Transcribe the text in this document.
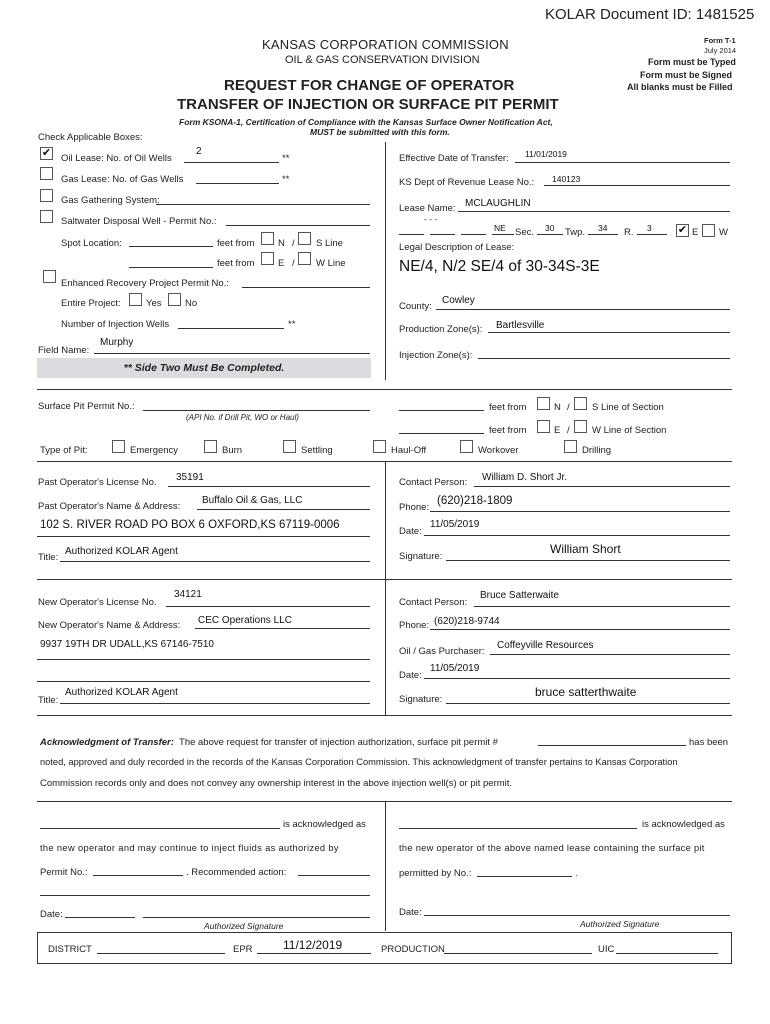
KOLAR Document ID: 1481525
KANSAS CORPORATION COMMISSION
OIL & GAS CONSERVATION DIVISION
REQUEST FOR CHANGE OF OPERATOR
TRANSFER OF INJECTION OR SURFACE PIT PERMIT
Form T-1
July 2014
Form must be Typed
Form must be Signed
All blanks must be Filled
Form KSONA-1, Certification of Compliance with the Kansas Surface Owner Notification Act,
MUST be submitted with this form.
Check Applicable Boxes:
✔ Oil Lease: No. of Oil Wells
2
**
Gas Lease: No. of Gas Wells	**
Gas Gathering System:
Saltwater Disposal Well - Permit No.:
Spot Location:	feet from N / S Line
feet from E / W Line
Enhanced Recovery Project Permit No.:
Entire Project:	Yes No
Number of Injection Wells	**
Field Name:
Murphy
** Side Two Must Be Completed.
Effective Date of Transfer: 11/01/2019
KS Dept of Revenue Lease No.: 140123
Lease Name: MCLAUGHLIN
- - -
NE Sec. 30 Twp. 34 R. 3 ✔ E W
Legal Description of Lease:
NE/4, N/2 SE/4 of 30-34S-3E
County:
Cowley
Production Zone(s): Bartlesville
Injection Zone(s):
Surface Pit Permit No.:
(API No. if Drill Pit, WO or Haul)
feet from	N / S Line of Section
feet from	E / W Line of Section
Type of Pit:	Emergency	Burn	Settling	Haul-Off	Workover	Drilling
Past Operator's License No. 35191
Past Operator's Name & Address:
Buffalo Oil & Gas, LLC
102 S. RIVER ROAD PO BOX 6 OXFORD,KS 67119-0006
Title:
Authorized KOLAR Agent
Contact Person: William D. Short Jr.
Phone:
(620)218-1809
Date:
11/05/2019
Signature:
William Short
New Operator's License No.
34121
New Operator's Name & Address: CEC Operations LLC
9937 19TH DR UDALL,KS 67146-7510
Title:
Authorized KOLAR Agent
Contact Person:
Bruce Satterwaite
Phone: (620)218-9744
Oil / Gas Purchaser:
Coffeyville Resources
Date:
11/05/2019
Signature:
bruce satterthwaite
Acknowledgment of Transfer: The above request for transfer of injection authorization, surface pit permit #	has been
noted, approved and duly recorded in the records of the Kansas Corporation Commission. This acknowledgment of transfer pertains to Kansas Corporation
Commission records only and does not convey any ownership interest in the above injection well(s) or pit permit.
is acknowledged as
the new operator and may continue to inject fluids as authorized by
Permit No.:	. Recommended action:
Date:
Authorized Signature
is acknowledged as
the new operator of the above named lease containing the surface pit
permitted by No.:	.
Date:
Authorized Signature
DISTRICT	EPR	11/12/2019	PRODUCTION	UIC
